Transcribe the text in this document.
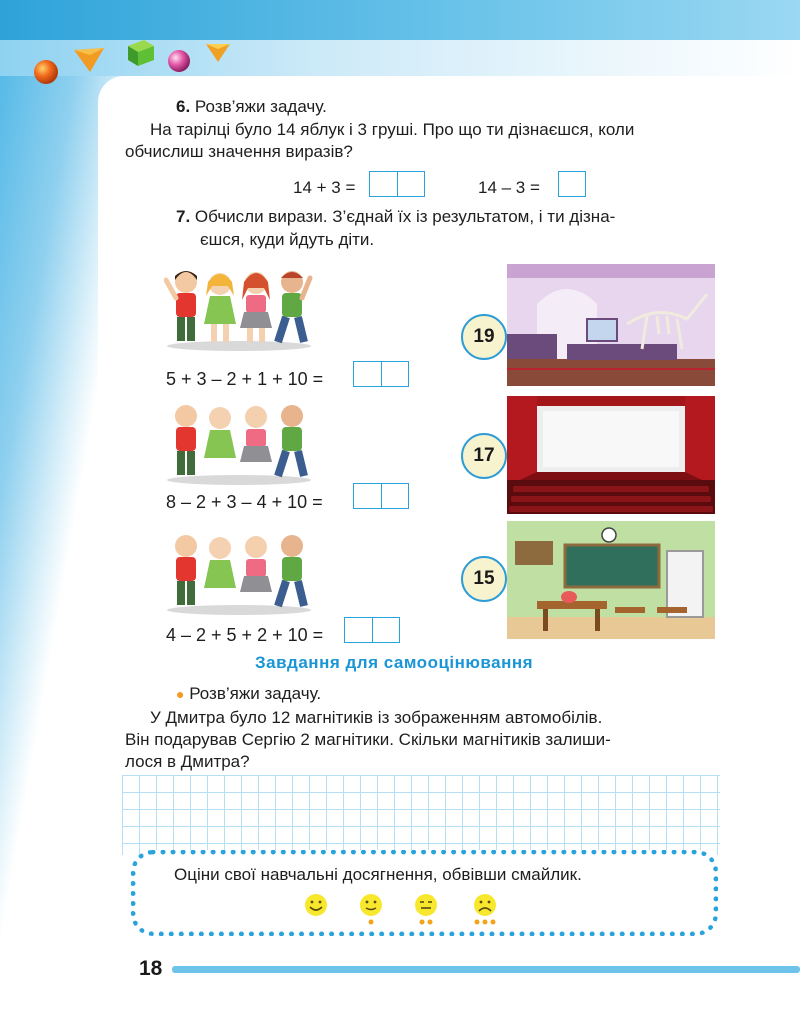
6. Розв’яжи задачу.
На тарілці було 14 яблук і 3 груші. Про що ти дізнаєшся, коли
обчислиш значення виразів?
14 + 3 =	14 – 3 =
7. Обчисли вирази. З’єднай їх із результатом, і ти дізна-
єшся, куди йдуть діти.
5 + 3 – 2 + 1 + 10 =
8 – 2 + 3 – 4 + 10 =
4 – 2 + 5 + 2 + 10 =
19
17
15
Завдання для самооцінювання
● Розв’яжи задачу.
У Дмитра було 12 магнітиків із зображенням автомобілів.
Він подарував Сергію 2 магнітики. Скільки магнітиків залиши-
лося в Дмитра?
Оціни свої навчальні досягнення, обвівши смайлик.
18
